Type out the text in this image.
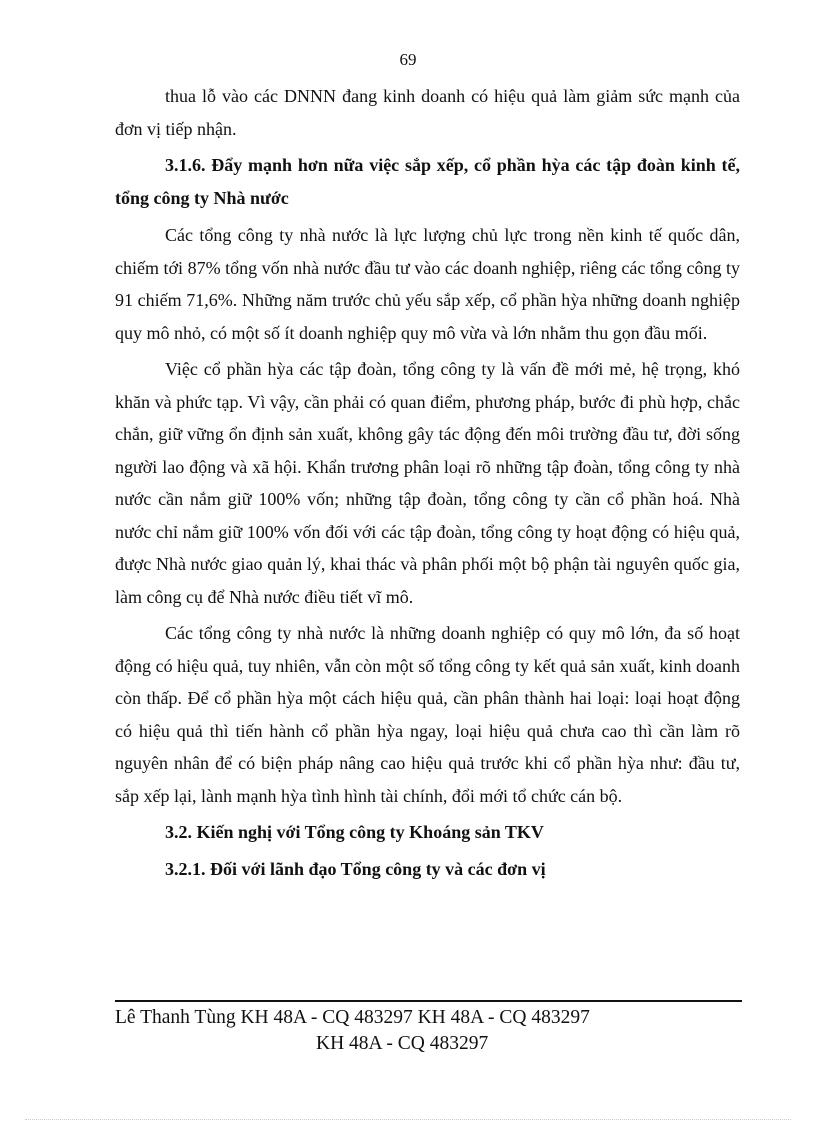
69

thua lỗ vào các DNNN đang kinh doanh có hiệu quả làm giảm sức mạnh của đơn vị tiếp nhận.

3.1.6. Đẩy mạnh hơn nữa việc sắp xếp, cổ phần hỳa các tập đoàn kinh tế, tổng công ty Nhà nước

Các tổng công ty nhà nước là lực lượng chủ lực trong nền kinh tế quốc dân, chiếm tới 87% tổng vốn nhà nước đầu tư vào các doanh nghiệp, riêng các tổng công ty 91 chiếm 71,6%. Những năm trước chủ yếu sắp xếp, cổ phần hỳa những doanh nghiệp quy mô nhỏ, có một số ít doanh nghiệp quy mô vừa và lớn nhằm thu gọn đầu mối.

Việc cổ phần hỳa các tập đoàn, tổng công ty là vấn đề mới mẻ, hệ trọng, khó khăn và phức tạp. Vì vậy, cần phải có quan điểm, phương pháp, bước đi phù hợp, chắc chắn, giữ vững ổn định sản xuất, không gây tác động đến môi trường đầu tư, đời sống người lao động và xã hội. Khẩn trương phân loại rõ những tập đoàn, tổng công ty nhà nước cần nắm giữ 100% vốn; những tập đoàn, tổng công ty cần cổ phần hoá. Nhà nước chỉ nắm giữ 100% vốn đối với các tập đoàn, tổng công ty hoạt động có hiệu quả, được Nhà nước giao quản lý, khai thác và phân phối một bộ phận tài nguyên quốc gia, làm công cụ để Nhà nước điều tiết vĩ mô.

Các tổng công ty nhà nước là những doanh nghiệp có quy mô lớn, đa số hoạt động có hiệu quả, tuy nhiên, vẫn còn một số tổng công ty kết quả sản xuất, kinh doanh còn thấp. Để cổ phần hỳa một cách hiệu quả, cần phân thành hai loại: loại hoạt động có hiệu quả thì tiến hành cổ phần hỳa ngay, loại hiệu quả chưa cao thì cần làm rõ nguyên nhân để có biện pháp nâng cao hiệu quả trước khi cổ phần hỳa như: đầu tư, sắp xếp lại, lành mạnh hỳa tình hình tài chính, đổi mới tổ chức cán bộ.

3.2. Kiến nghị với Tổng công ty Khoáng sản TKV

3.2.1. Đối với lãnh đạo Tổng công ty và các đơn vị

Lê Thanh Tùng KH 48A - CQ 483297 KH 48A - CQ 483297
KH 48A - CQ 483297
